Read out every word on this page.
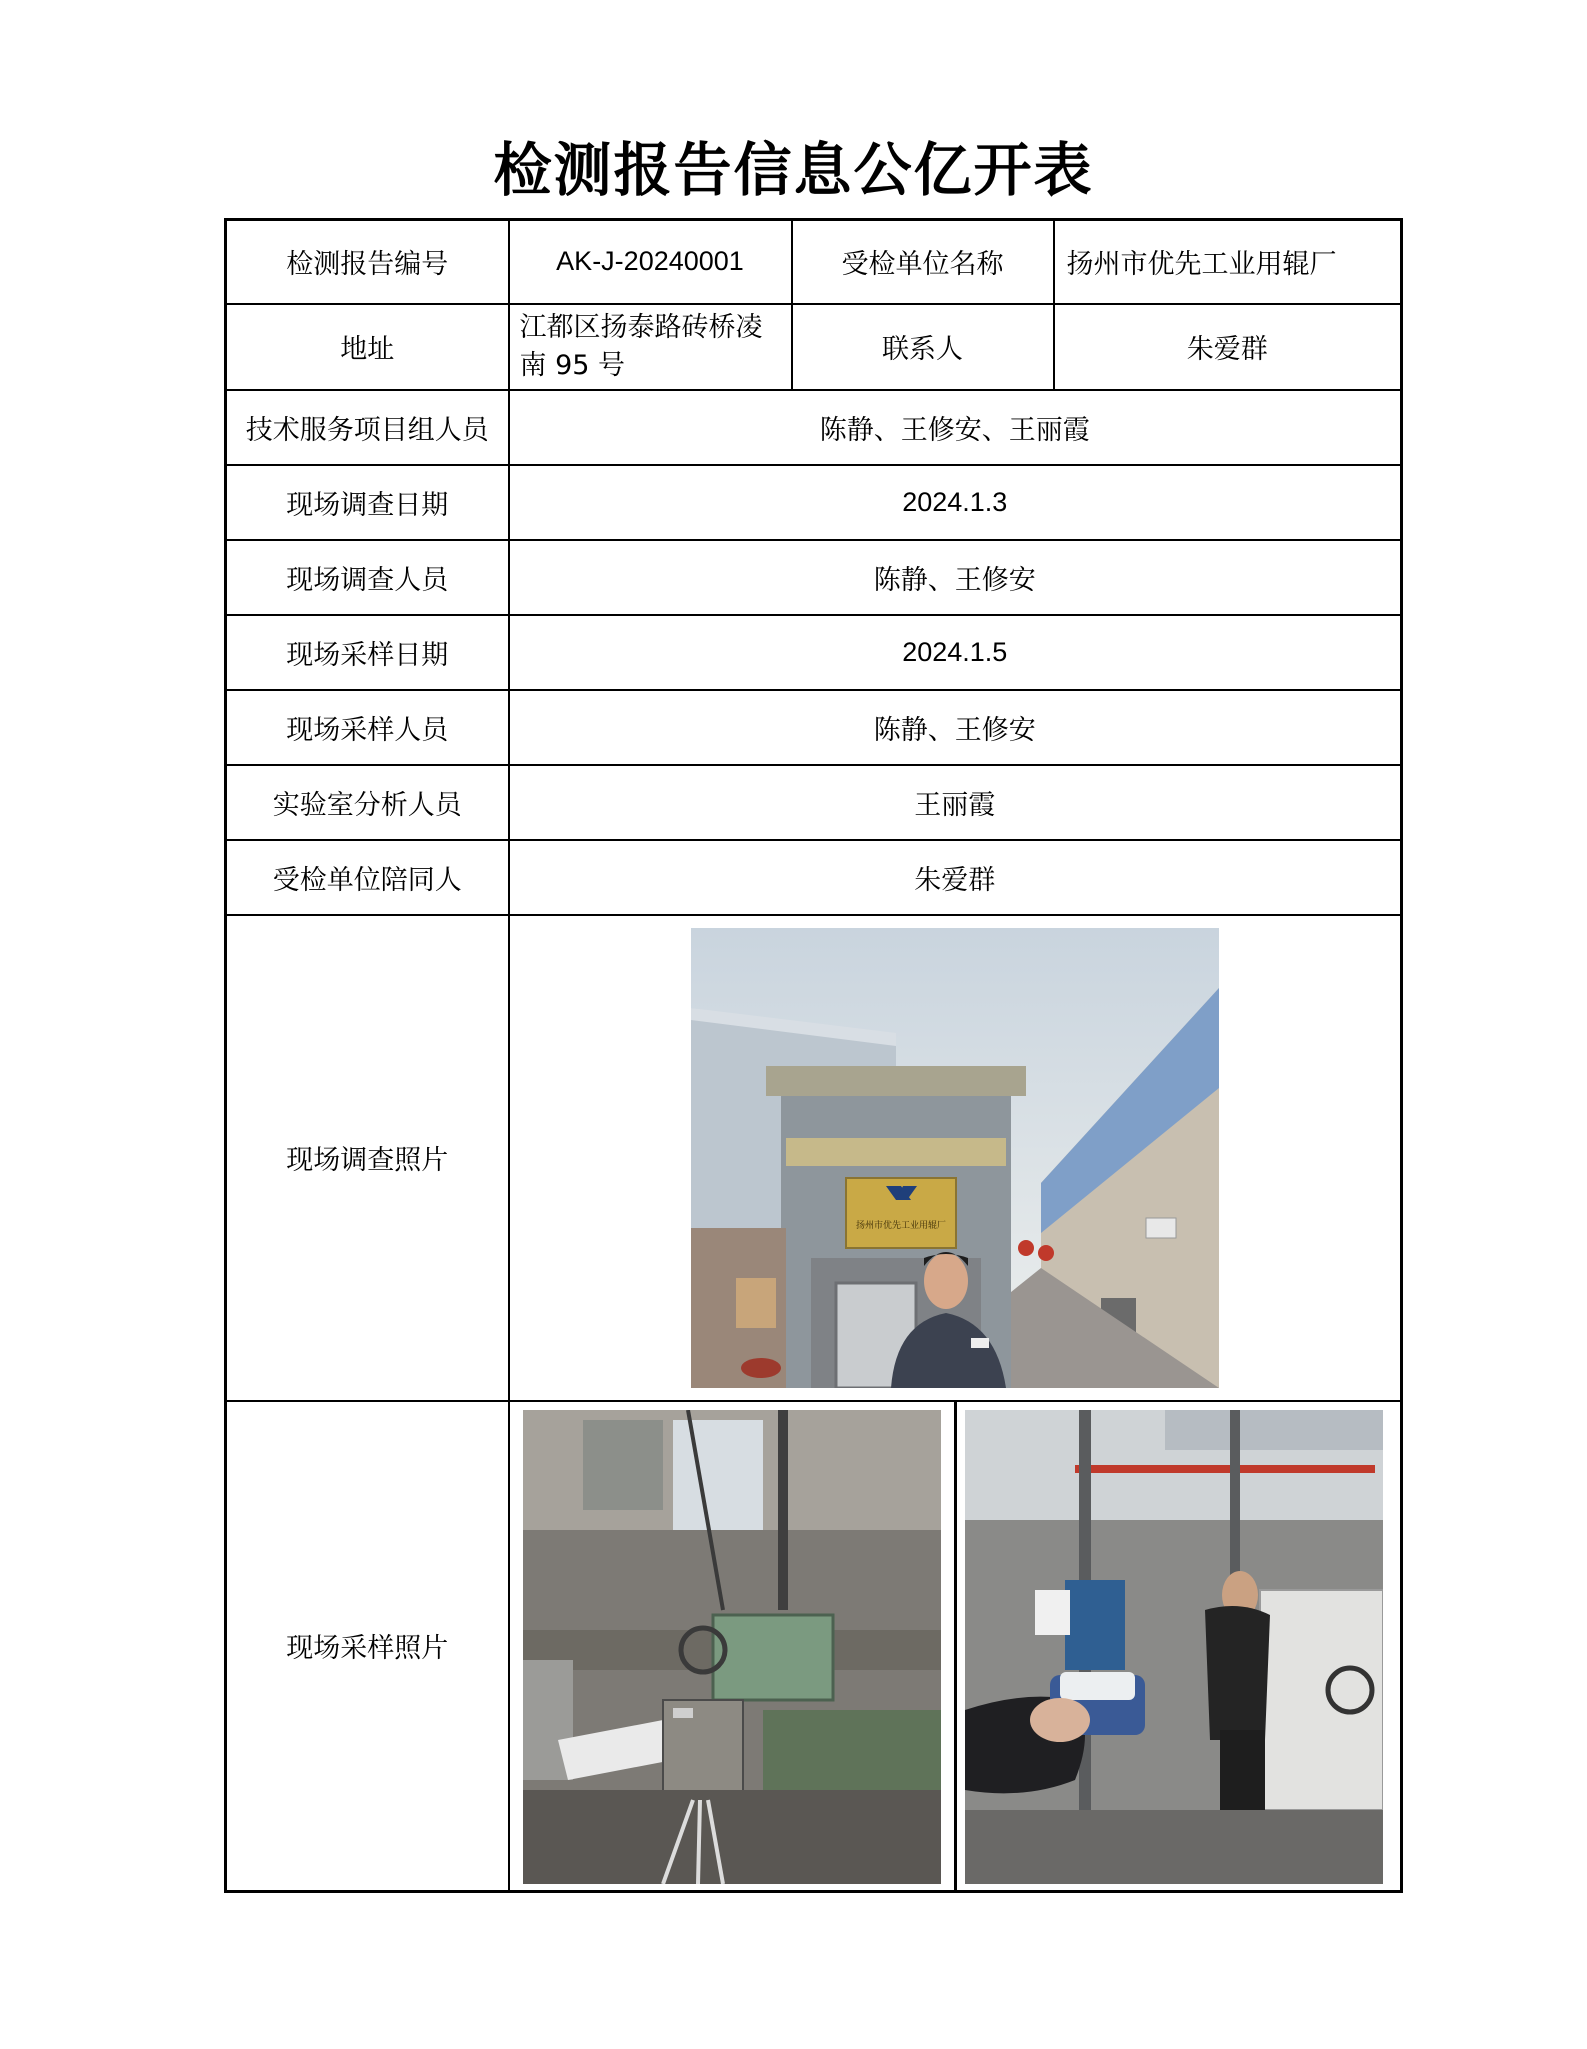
检测报告信息公亿开表
检测报告编号	AK-J-20240001	受检单位名称	扬州市优先工业用辊厂
地址	江都区扬泰路砖桥凌南 95 号	联系人	朱爱群
技术服务项目组人员	陈静、王修安、王丽霞		
现场调查日期	2024.1.3		
现场调查人员	陈静、王修安		
现场采样日期	2024.1.5		
现场采样人员	陈静、王修安		
实验室分析人员	王丽霞		
受检单位陪同人	朱爱群		
现场调查照片	扬州市优先工业用辊厂		

现场采样照片	
